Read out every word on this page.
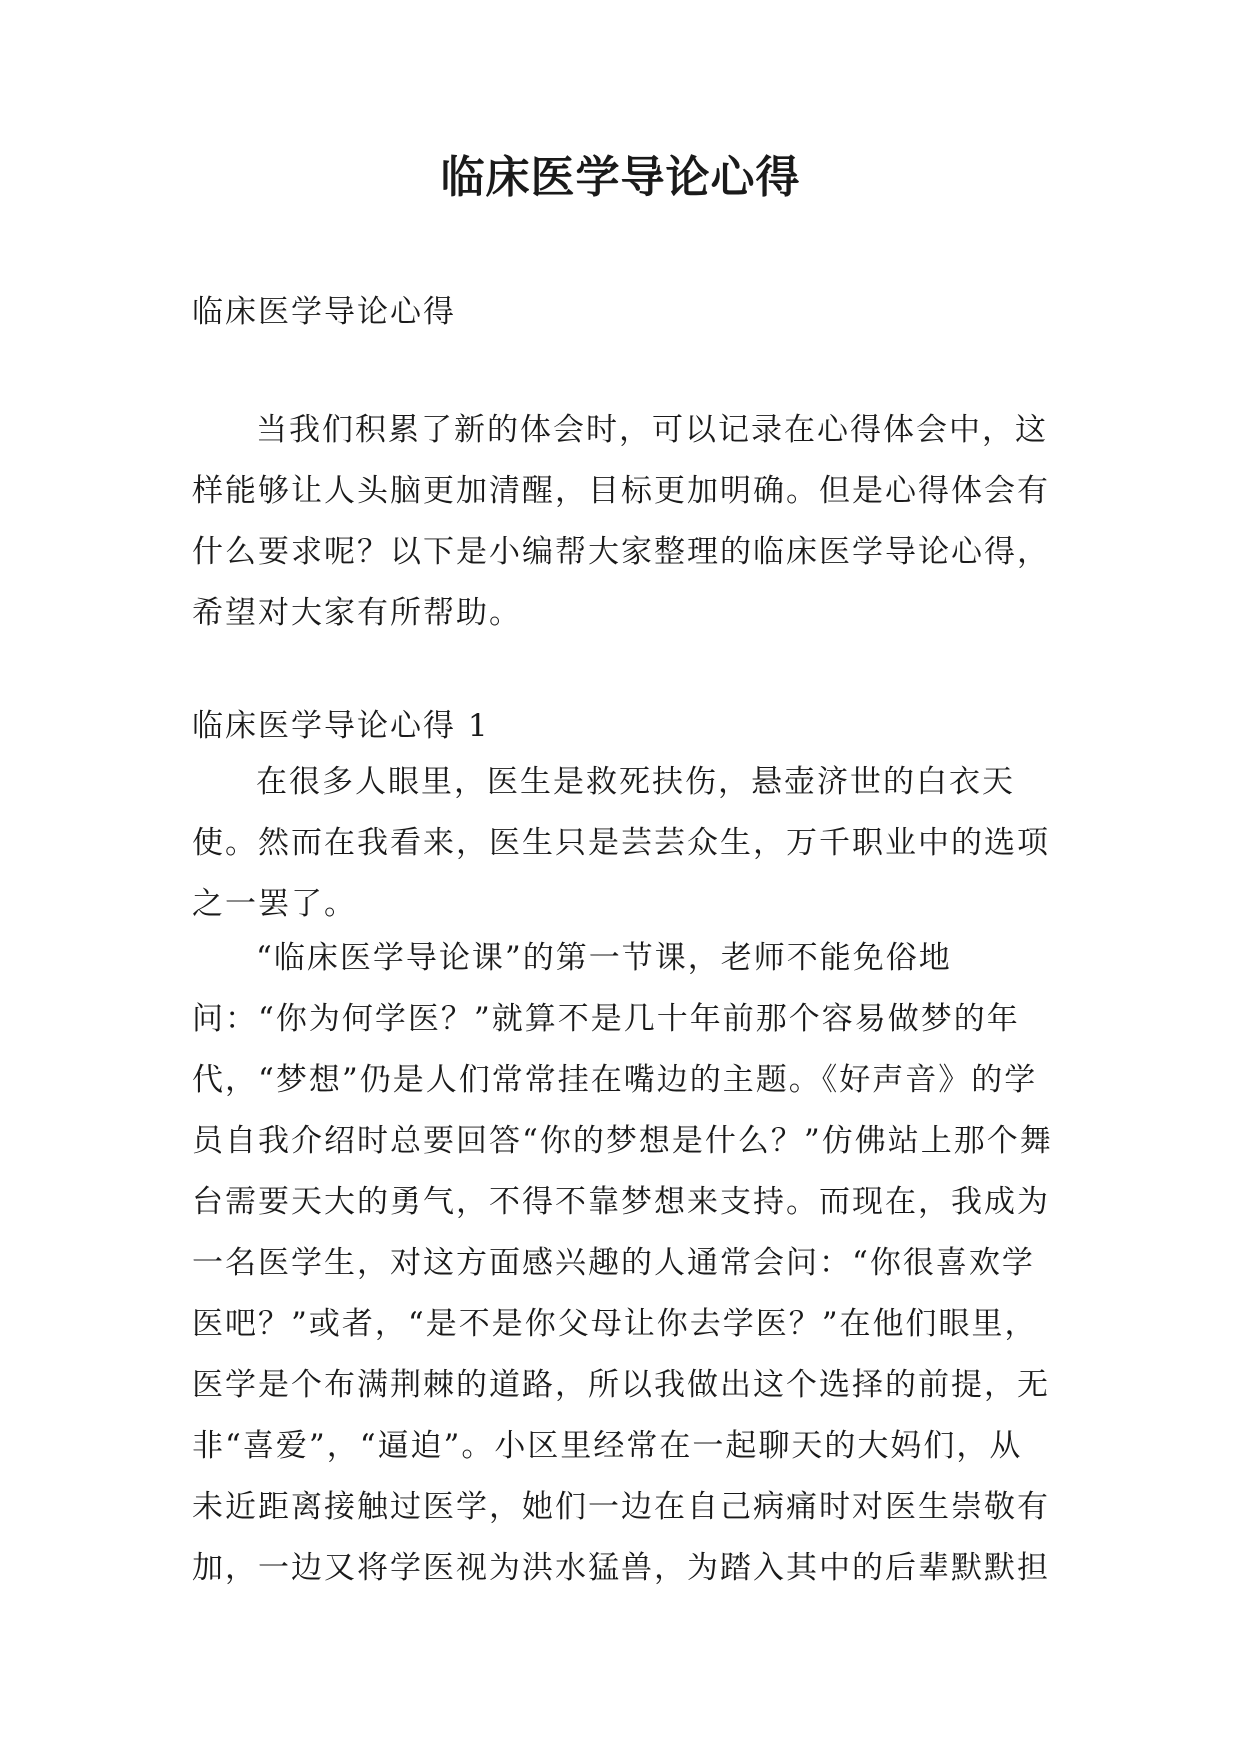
临床医学导论心得

临床医学导论心得

当我们积累了新的体会时，可以记录在心得体会中，这样能够让人头脑更加清醒，目标更加明确。但是心得体会有什么要求呢？以下是小编帮大家整理的临床医学导论心得，希望对大家有所帮助。

临床医学导论心得 1

在很多人眼里，医生是救死扶伤，悬壶济世的白衣天使。然而在我看来，医生只是芸芸众生，万千职业中的选项之一罢了。

“临床医学导论课”的第一节课，老师不能免俗地问：“你为何学医？”就算不是几十年前那个容易做梦的年代，“梦想”仍是人们常常挂在嘴边的主题。《好声音》的学员自我介绍时总要回答“你的梦想是什么？”仿佛站上那个舞台需要天大的勇气，不得不靠梦想来支持。而现在，我成为一名医学生，对这方面感兴趣的人通常会问：“你很喜欢学医吧？”或者，“是不是你父母让你去学医？”在他们眼里，医学是个布满荆棘的道路，所以我做出这个选择的前提，无非“喜爱”，“逼迫”。小区里经常在一起聊天的大妈们，从未近距离接触过医学，她们一边在自己病痛时对医生崇敬有加，一边又将学医视为洪水猛兽，为踏入其中的后辈默默担
